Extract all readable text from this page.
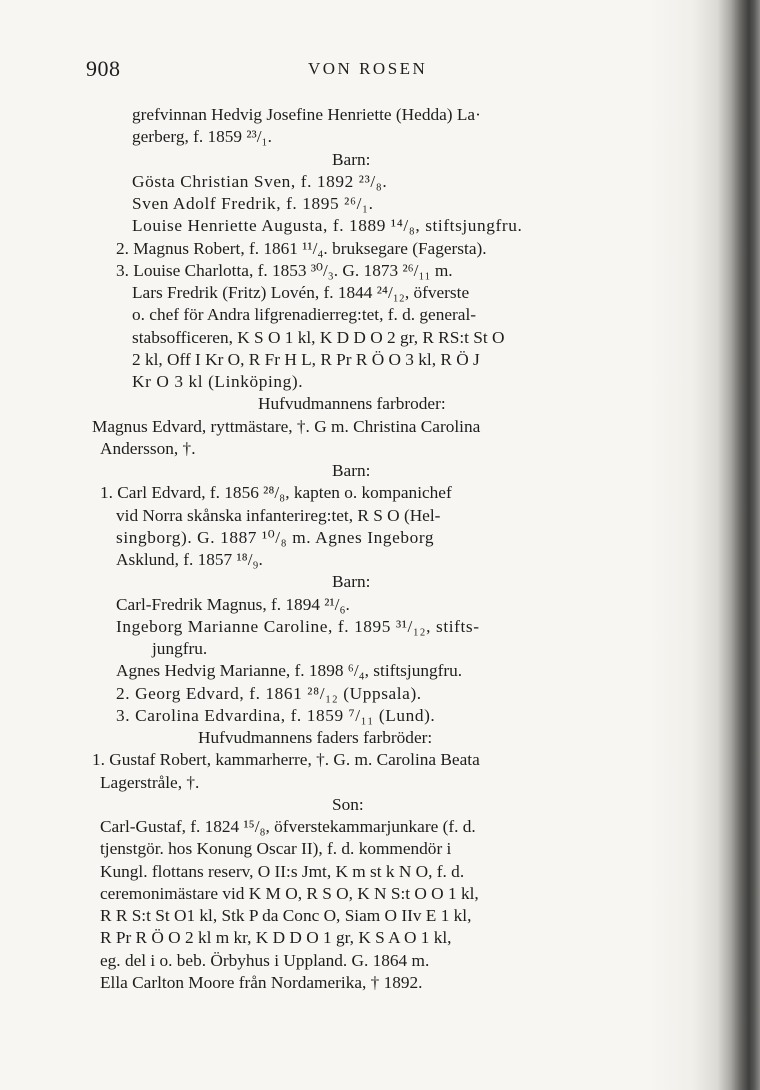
908	VON ROSEN
grefvinnan Hedvig Josefine Henriette (Hedda) La·
gerberg, f. 1859 ²³/₁.
Barn:
Gösta Christian Sven, f. 1892 ²³/₈.
Sven Adolf Fredrik, f. 1895 ²⁶/₁.
Louise Henriette Augusta, f. 1889 ¹⁴/₈, stiftsjungfru.
2. Magnus Robert, f. 1861 ¹¹/₄. bruksegare (Fagersta).
3. Louise Charlotta, f. 1853 ³⁰/₃. G. 1873 ²⁶/₁₁ m.
Lars Fredrik (Fritz) Lovén, f. 1844 ²⁴/₁₂, öfverste
o. chef för Andra lifgrenadierreg:tet, f. d. general-
stabsofficeren, K S O 1 kl, K D D O 2 gr, R RS:t St O
2 kl, Off I Kr O, R Fr H L, R Pr R Ö O 3 kl, R Ö J
Kr O 3 kl (Linköping).
Hufvudmannens farbroder:
Magnus Edvard, ryttmästare, †. G m. Christina Carolina
Andersson, †.
Barn:
1. Carl Edvard, f. 1856 ²⁸/₈, kapten o. kompanichef
vid Norra skånska infanterireg:tet, R S O (Hel-
singborg). G. 1887 ¹⁰/₈ m. Agnes Ingeborg
Asklund, f. 1857 ¹⁸/₉.
Barn:
Carl-Fredrik Magnus, f. 1894 ²¹/₆.
Ingeborg Marianne Caroline, f. 1895 ³¹/₁₂, stifts-
jungfru.
Agnes Hedvig Marianne, f. 1898 ⁶/₄, stiftsjungfru.
2. Georg Edvard, f. 1861 ²⁸/₁₂ (Uppsala).
3. Carolina Edvardina, f. 1859 ⁷/₁₁ (Lund).
Hufvudmannens faders farbröder:
1. Gustaf Robert, kammarherre, †. G. m. Carolina Beata
Lagerstråle, †.
Son:
Carl-Gustaf, f. 1824 ¹⁵/₈, öfverstekammarjunkare (f. d.
tjenstgör. hos Konung Oscar II), f. d. kommendör i
Kungl. flottans reserv, O II:s Jmt, K m st k N O, f. d.
ceremonimästare vid K M O, R S O, K N S:t O O 1 kl,
R R S:t St O1 kl, Stk P da Conc O, Siam O IIv E 1 kl,
R Pr R Ö O 2 kl m kr, K D D O 1 gr, K S A O 1 kl,
eg. del i o. beb. Örbyhus i Uppland. G. 1864 m.
Ella Carlton Moore från Nordamerika, † 1892.
